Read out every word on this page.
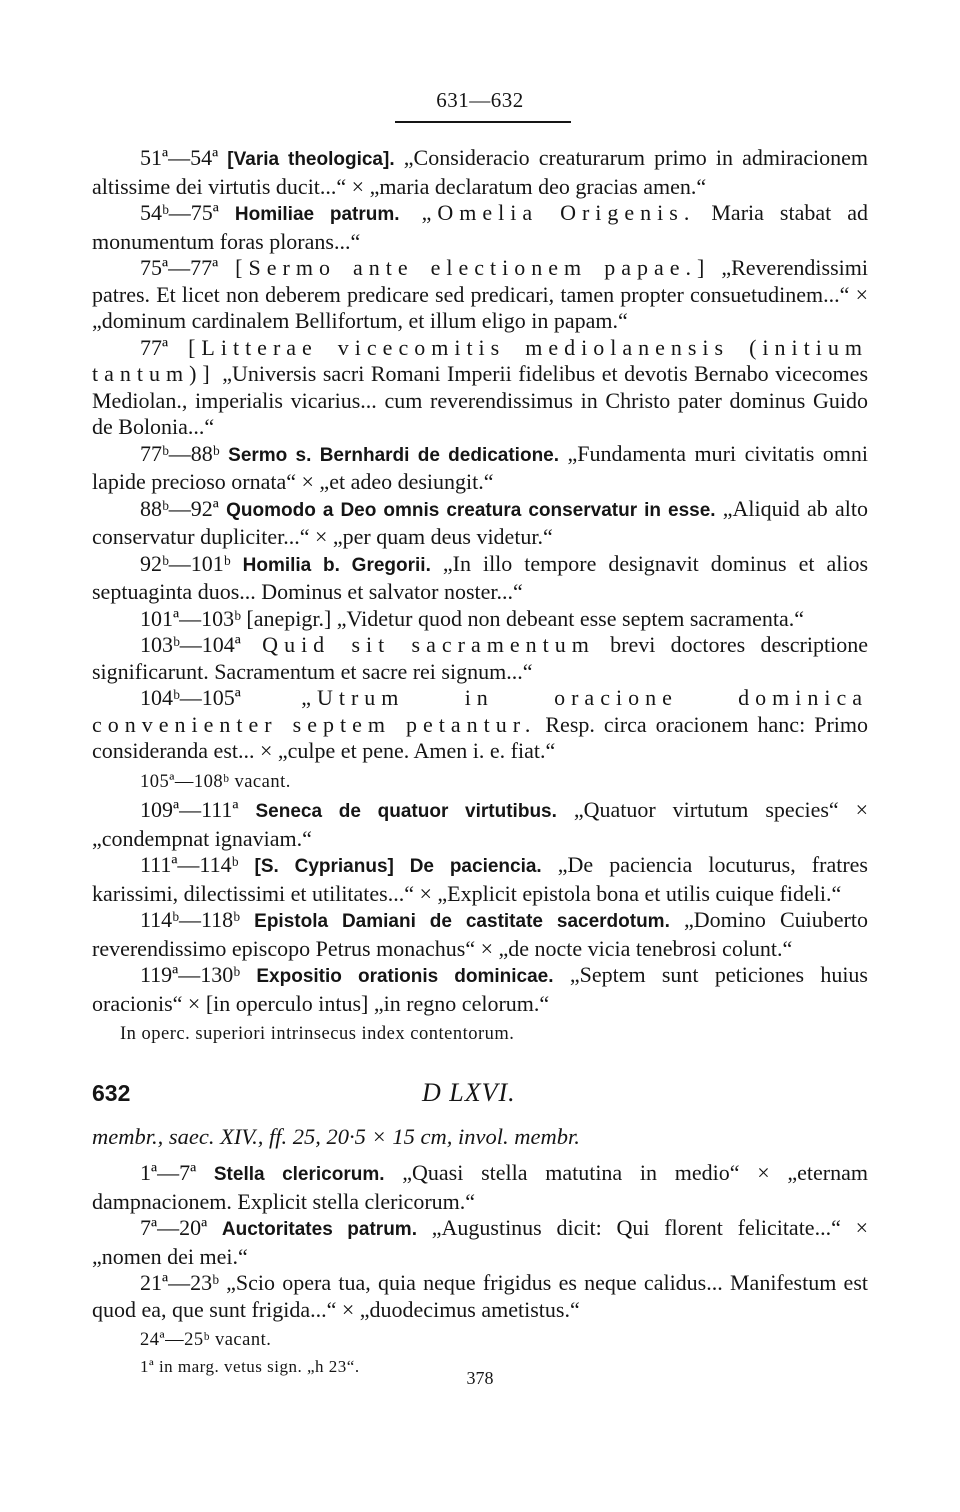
631—632

51ª—54ª [Varia theologica]. „Consideracio creaturarum primo in admiracionem altissime dei virtutis ducit...“ × „maria declaratum deo gracias amen.“

54ᵇ—75ª Homiliae patrum. „Omelia Origenis. Maria stabat ad monumentum foras plorans...“

75ª—77ª [Sermo ante electionem papae.] „Reverendissimi patres. Et licet non deberem predicare sed predicari, tamen propter consuetudinem...“ × „dominum cardinalem Bellifortum, et illum eligo in papam.“

77ª [Litterae vicecomitis mediolanensis (initium tantum)] „Universis sacri Romani Imperii fidelibus et devotis Bernabo vicecomes Mediolan., imperialis vicarius... cum reverendissimus in Christo pater dominus Guido de Bolonia...“

77ᵇ—88ᵇ Sermo s. Bernhardi de dedicatione. „Fundamenta muri civitatis omni lapide precioso ornata“ × „et adeo desiungit.“

88ᵇ—92ª Quomodo a Deo omnis creatura conservatur in esse. „Aliquid ab alto conservatur dupliciter...“ × „per quam deus videtur.“

92ᵇ—101ᵇ Homilia b. Gregorii. „In illo tempore designavit dominus et alios septuaginta duos... Dominus et salvator noster...“

101ª—103ᵇ [anepigr.] „Videtur quod non debeant esse septem sacramenta.“

103ᵇ—104ª Quid sit sacramentum brevi doctores descriptione significarunt. Sacramentum et sacre rei signum...“

104ᵇ—105ª „Utrum in oracione dominica convenienter septem petantur. Resp. circa oracionem hanc: Primo consideranda est... × „culpe et pene. Amen i. e. fiat.“

105ª—108ᵇ vacant.

109ª—111ª Seneca de quatuor virtutibus. „Quatuor virtutum species“ × „condempnat ignaviam.“

111ª—114ᵇ [S. Cyprianus] De paciencia. „De paciencia locuturus, fratres karissimi, dilectissimi et utilitates...“ × „Explicit epistola bona et utilis cuique fideli.“

114ᵇ—118ᵇ Epistola Damiani de castitate sacerdotum. „Domino Cuiuberto reverendissimo episcopo Petrus monachus“ × „de nocte vicia tenebrosi colunt.“

119ª—130ᵇ Expositio orationis dominicae. „Septem sunt peticiones huius oracionis“ × [in operculo intus] „in regno celorum.“

In operc. superiori intrinsecus index contentorum.

632	D LXVI.
membr., saec. XIV., ff. 25, 20·5 × 15 cm, invol. membr.

1ª—7ª Stella clericorum. „Quasi stella matutina in medio“ × „eternam dampnacionem. Explicit stella clericorum.“

7ª—20ª Auctoritates patrum. „Augustinus dicit: Qui florent felicitate...“ × „nomen dei mei.“

21ª—23ᵇ „Scio opera tua, quia neque frigidus es neque calidus... Manifestum est quod ea, que sunt frigida...“ × „duodecimus ametistus.“

24ª—25ᵇ vacant.

1ª in marg. vetus sign. „h 23“.

378
